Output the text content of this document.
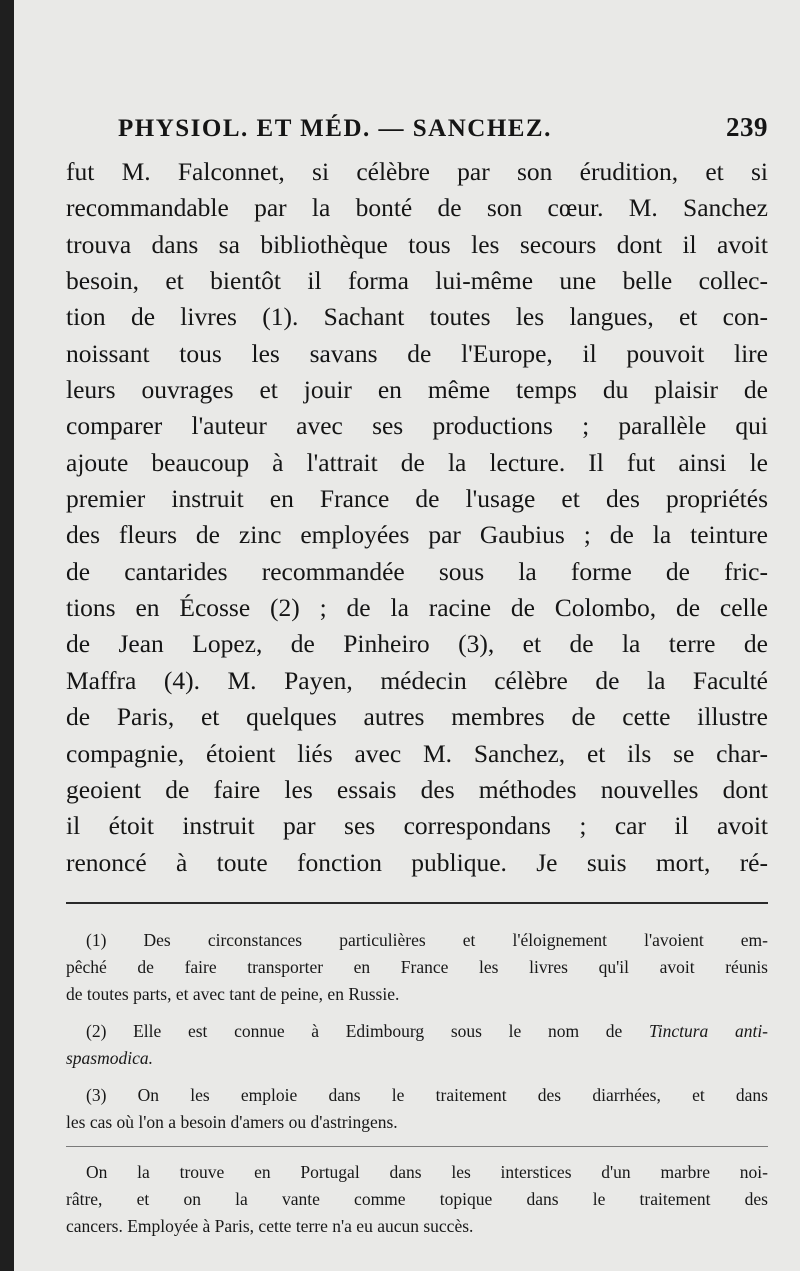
PHYSIOL. ET MÉD. — SANCHEZ.	239
fut M. Falconnet, si célèbre par son érudition, et si
recommandable par la bonté de son cœur. M. Sanchez
trouva dans sa bibliothèque tous les secours dont il avoit
besoin, et bientôt il forma lui-même une belle collec-
tion de livres (1). Sachant toutes les langues, et con-
noissant tous les savans de l'Europe, il pouvoit lire
leurs ouvrages et jouir en même temps du plaisir de
comparer l'auteur avec ses productions ; parallèle qui
ajoute beaucoup à l'attrait de la lecture. Il fut ainsi le
premier instruit en France de l'usage et des propriétés
des fleurs de zinc employées par Gaubius ; de la teinture
de cantarides recommandée sous la forme de fric-
tions en Écosse (2) ; de la racine de Colombo, de celle
de Jean Lopez, de Pinheiro (3), et de la terre de
Maffra (4). M. Payen, médecin célèbre de la Faculté
de Paris, et quelques autres membres de cette illustre
compagnie, étoient liés avec M. Sanchez, et ils se char-
geoient de faire les essais des méthodes nouvelles dont
il étoit instruit par ses correspondans ; car il avoit
renoncé à toute fonction publique. Je suis mort, ré-
(1) Des circonstances particulières et l'éloignement l'avoient em-
pêché de faire transporter en France les livres qu'il avoit réunis
de toutes parts, et avec tant de peine, en Russie.
(2) Elle est connue à Edimbourg sous le nom de Tinctura anti-
spasmodica.
(3) On les emploie dans le traitement des diarrhées, et dans
les cas où l'on a besoin d'amers ou d'astringens.
On la trouve en Portugal dans les interstices d'un marbre noi-
râtre, et on la vante comme topique dans le traitement des
cancers. Employée à Paris, cette terre n'a eu aucun succès.
